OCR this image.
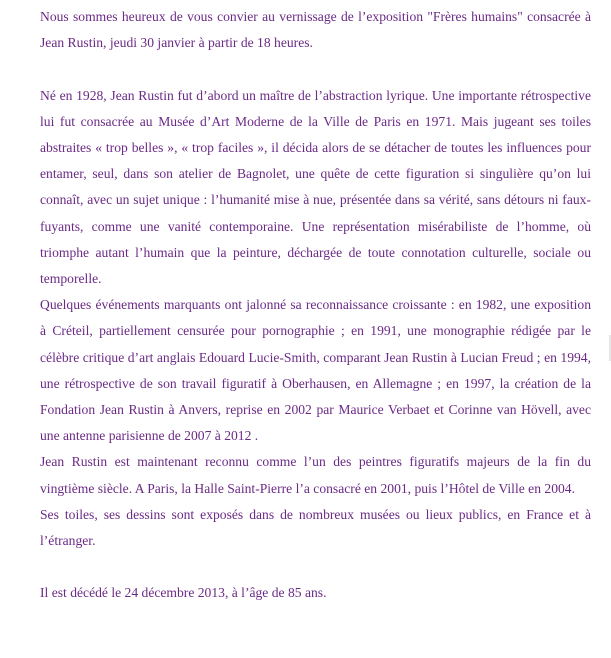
Nous sommes heureux de vous convier au vernissage de l’exposition "Frères humains" consacrée à Jean Rustin, jeudi 30 janvier à partir de 18 heures.

Né en 1928, Jean Rustin fut d’abord un maître de l’abstraction lyrique. Une importante rétrospective lui fut consacrée au Musée d’Art Moderne de la Ville de Paris en 1971. Mais jugeant ses toiles abstraites « trop belles », « trop faciles », il décida alors de se détacher de toutes les influences pour entamer, seul, dans son atelier de Bagnolet, une quête de cette figuration si singulière qu’on lui connaît, avec un sujet unique : l’humanité mise à nue, présentée dans sa vérité, sans détours ni faux-fuyants, comme une vanité contemporaine. Une représentation misérabiliste de l’homme, où triomphe autant l’humain que la peinture, déchargée de toute connotation culturelle, sociale ou temporelle.

Quelques événements marquants ont jalonné sa reconnaissance croissante : en 1982, une exposition à Créteil, partiellement censurée pour pornographie ; en 1991, une monographie rédigée par le célèbre critique d’art anglais Edouard Lucie-Smith, comparant Jean Rustin à Lucian Freud ; en 1994, une rétrospective de son travail figuratif à Oberhausen, en Allemagne ; en 1997, la création de la Fondation Jean Rustin à Anvers, reprise en 2002 par Maurice Verbaet et Corinne van Hövell, avec une antenne parisienne de 2007 à 2012 .

Jean Rustin est maintenant reconnu comme l’un des peintres figuratifs majeurs de la fin du vingtième siècle. A Paris, la Halle Saint-Pierre l’a consacré en 2001, puis l’Hôtel de Ville en 2004.

Ses toiles, ses dessins sont exposés dans de nombreux musées ou lieux publics, en France et à l’étranger.

Il est décédé le 24 décembre 2013, à l’âge de 85 ans.
